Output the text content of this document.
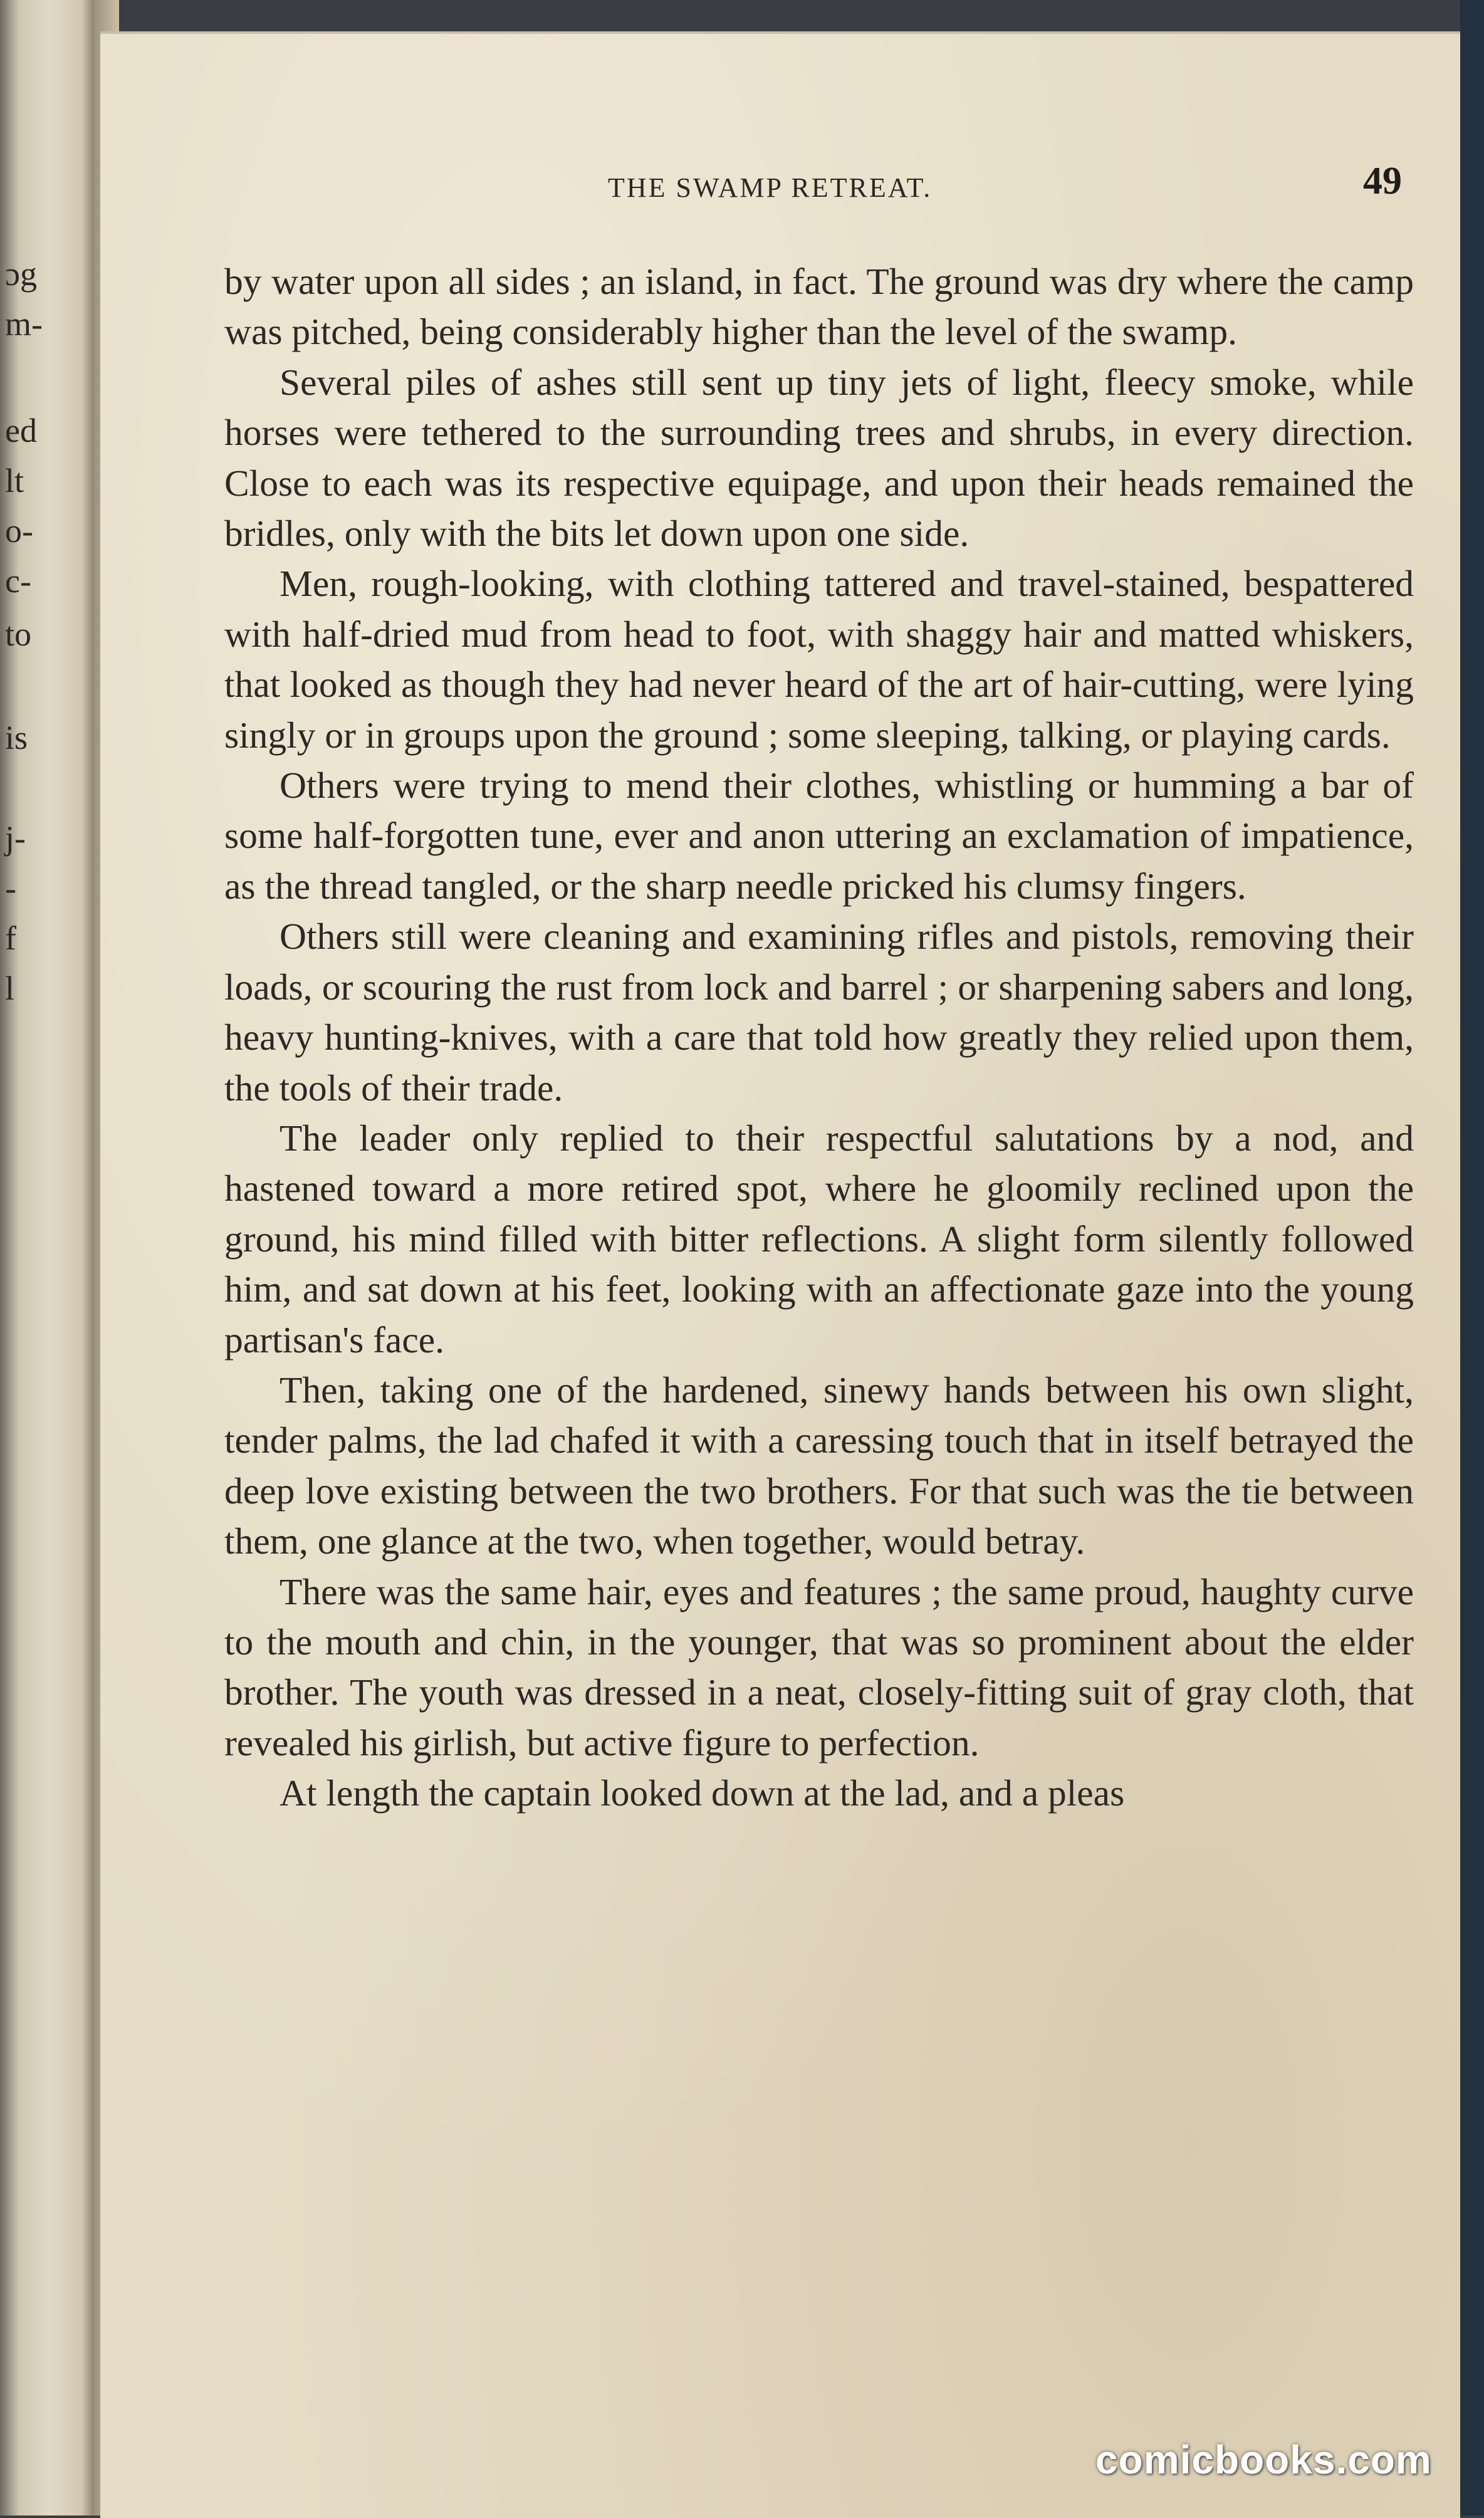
ɔg
m-
ed
lt
o-
c-
to
is
j-
-
f
l
THE SWAMP RETREAT.	49

by water upon all sides ; an island, in fact. The ground was dry where the camp was pitched, being considerably higher than the level of the swamp.

Several piles of ashes still sent up tiny jets of light, fleecy smoke, while horses were tethered to the surrounding trees and shrubs, in every direction. Close to each was its respective equipage, and upon their heads remained the bridles, only with the bits let down upon one side.

Men, rough-looking, with clothing tattered and travel-stained, bespattered with half-dried mud from head to foot, with shaggy hair and matted whiskers, that looked as though they had never heard of the art of hair-cutting, were lying singly or in groups upon the ground ; some sleeping, talking, or playing cards.

Others were trying to mend their clothes, whistling or humming a bar of some half-forgotten tune, ever and anon uttering an exclamation of impatience, as the thread tangled, or the sharp needle pricked his clumsy fingers.

Others still were cleaning and examining rifles and pistols, removing their loads, or scouring the rust from lock and barrel ; or sharpening sabers and long, heavy hunting-knives, with a care that told how greatly they relied upon them, the tools of their trade.

The leader only replied to their respectful salutations by a nod, and hastened toward a more retired spot, where he gloomily reclined upon the ground, his mind filled with bitter reflections. A slight form silently followed him, and sat down at his feet, looking with an affectionate gaze into the young partisan's face.

Then, taking one of the hardened, sinewy hands between his own slight, tender palms, the lad chafed it with a caressing touch that in itself betrayed the deep love existing between the two brothers. For that such was the tie between them, one glance at the two, when together, would betray.

There was the same hair, eyes and features ; the same proud, haughty curve to the mouth and chin, in the younger, that was so prominent about the elder brother. The youth was dressed in a neat, closely-fitting suit of gray cloth, that revealed his girlish, but active figure to perfection.

At length the captain looked down at the lad, and a pleas

comicbooks.com
